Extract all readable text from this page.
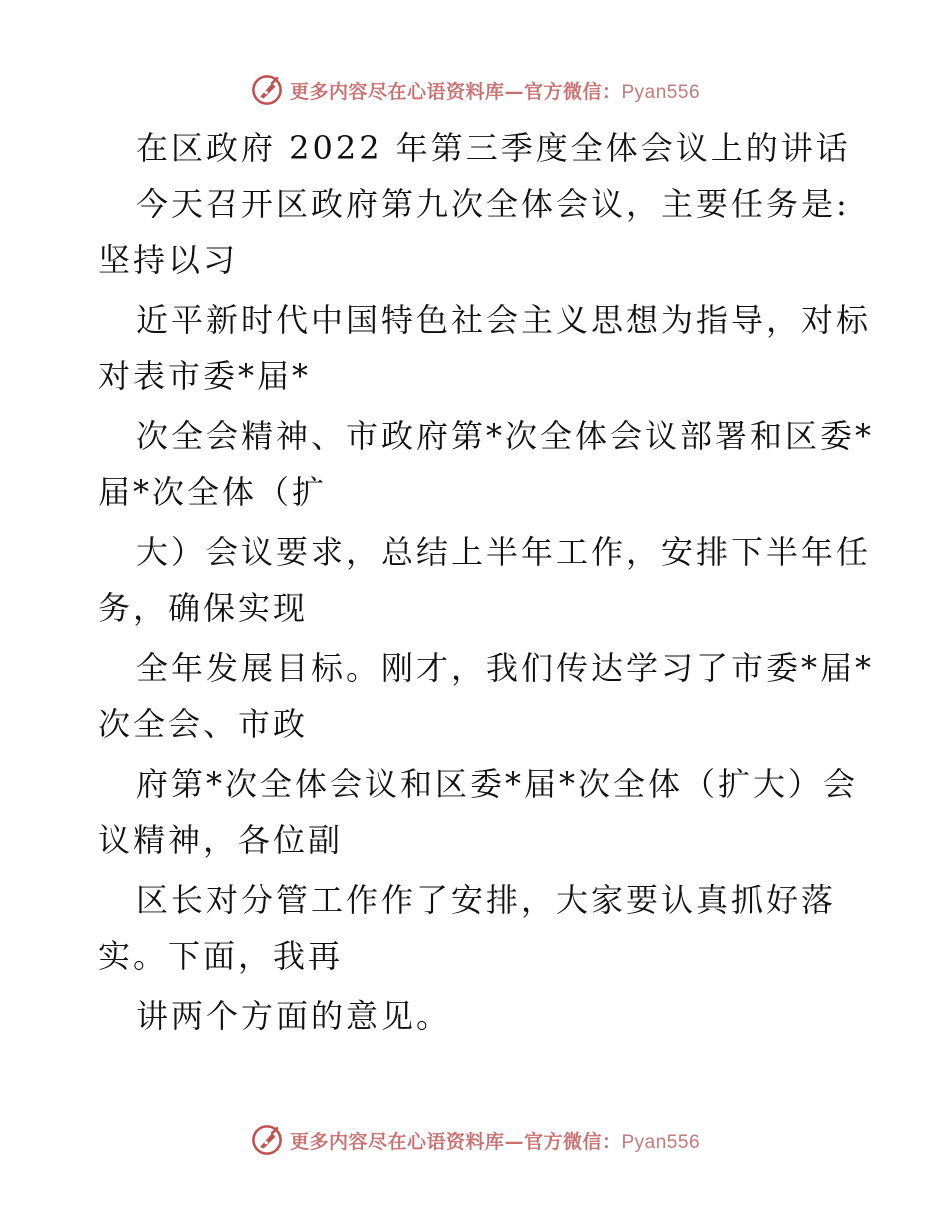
更多内容尽在心语资料库—官方微信：Pyan556
在区政府 2022 年第三季度全体会议上的讲话
今天召开区政府第九次全体会议，主要任务是:
坚持以习
近平新时代中国特色社会主义思想为指导，对标
对表市委*届*
次全会精神、市政府第*次全体会议部署和区委*
届*次全体（扩
大）会议要求，总结上半年工作，安排下半年任
务，确保实现
全年发展目标。刚才，我们传达学习了市委*届*
次全会、市政
府第*次全体会议和区委*届*次全体（扩大）会
议精神，各位副
区长对分管工作作了安排，大家要认真抓好落
实。下面，我再
讲两个方面的意见。
更多内容尽在心语资料库—官方微信：Pyan556
